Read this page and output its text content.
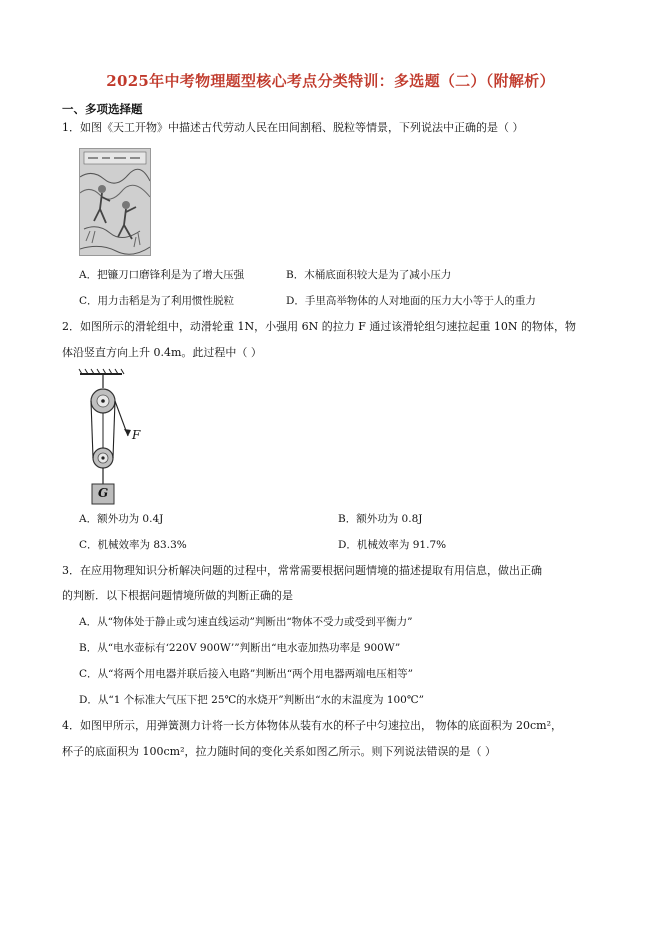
2025年中考物理题型核心考点分类特训：多选题（二）（附解析）
一、多项选择题
1．如图《天工开物》中描述古代劳动人民在田间割稻、脱粒等情景，下列说法中正确的是（ ）
A．把镰刀口磨锋利是为了增大压强	B．木桶底面积较大是为了减小压力
C．用力击稻是为了利用惯性脱粒	D．手里高举物体的人对地面的压力大小等于人的重力
2．如图所示的滑轮组中，动滑轮重 1N，小强用 6N 的拉力 F 通过该滑轮组匀速拉起重 10N 的物体，物
体沿竖直方向上升 0.4m。此过程中（ ）
F
G
A．额外功为 0.4J	B．额外功为 0.8J
C．机械效率为 83.3%	D．机械效率为 91.7%
3．在应用物理知识分析解决问题的过程中，常常需要根据问题情境的描述提取有用信息，做出正确
的判断．以下根据问题情境所做的判断正确的是
A．从“物体处于静止或匀速直线运动”判断出“物体不受力或受到平衡力”
B．从“电水壶标有‘220V 900W’”判断出“电水壶加热功率是 900W”
C．从“将两个用电器并联后接入电路”判断出“两个用电器两端电压相等”
D．从“1 个标准大气压下把 25℃的水烧开”判断出“水的末温度为 100℃”
4．如图甲所示，用弹簧测力计将一长方体物体从装有水的杯子中匀速拉出， 物体的底面积为 20cm²，
杯子的底面积为 100cm²，拉力随时间的变化关系如图乙所示。则下列说法错误的是（ ）
